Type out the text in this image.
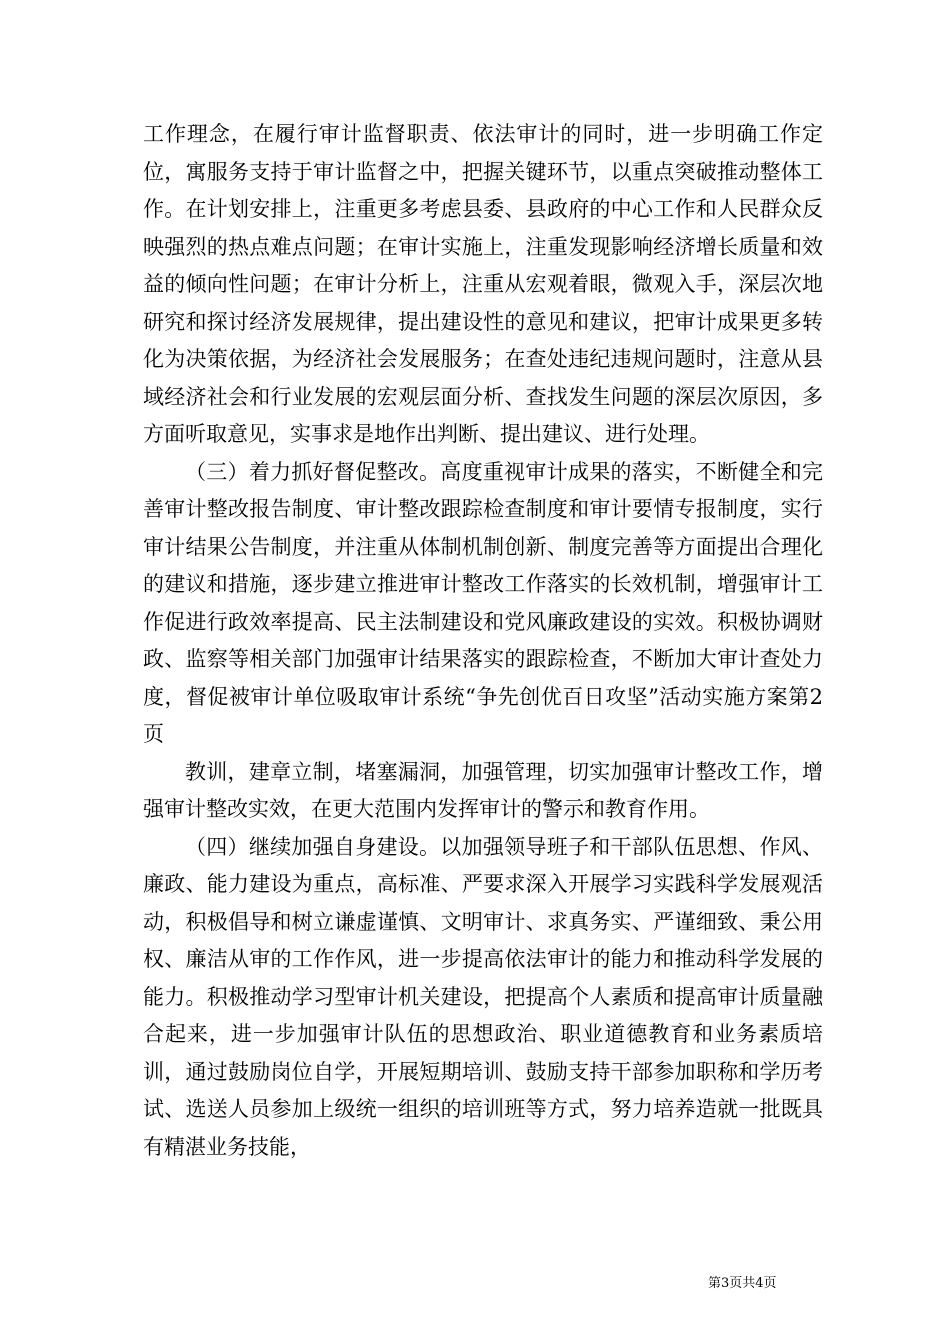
工作理念，在履行审计监督职责、依法审计的同时，进一步明确工作定位，寓服务支持于审计监督之中，把握关键环节，以重点突破推动整体工作。在计划安排上，注重更多考虑县委、县政府的中心工作和人民群众反映强烈的热点难点问题；在审计实施上，注重发现影响经济增长质量和效益的倾向性问题；在审计分析上，注重从宏观着眼，微观入手，深层次地研究和探讨经济发展规律，提出建设性的意见和建议，把审计成果更多转化为决策依据，为经济社会发展服务；在查处违纪违规问题时，注意从县域经济社会和行业发展的宏观层面分析、查找发生问题的深层次原因，多方面听取意见，实事求是地作出判断、提出建议、进行处理。

（三）着力抓好督促整改。高度重视审计成果的落实，不断健全和完善审计整改报告制度、审计整改跟踪检查制度和审计要情专报制度，实行审计结果公告制度，并注重从体制机制创新、制度完善等方面提出合理化的建议和措施，逐步建立推进审计整改工作落实的长效机制，增强审计工作促进行政效率提高、民主法制建设和党风廉政建设的实效。积极协调财政、监察等相关部门加强审计结果落实的跟踪检查，不断加大审计查处力度，督促被审计单位吸取审计系统“争先创优百日攻坚”活动实施方案第2页

教训，建章立制，堵塞漏洞，加强管理，切实加强审计整改工作，增强审计整改实效，在更大范围内发挥审计的警示和教育作用。

（四）继续加强自身建设。以加强领导班子和干部队伍思想、作风、廉政、能力建设为重点，高标准、严要求深入开展学习实践科学发展观活动，积极倡导和树立谦虚谨慎、文明审计、求真务实、严谨细致、秉公用权、廉洁从审的工作作风，进一步提高依法审计的能力和推动科学发展的能力。积极推动学习型审计机关建设，把提高个人素质和提高审计质量融合起来，进一步加强审计队伍的思想政治、职业道德教育和业务素质培训，通过鼓励岗位自学，开展短期培训、鼓励支持干部参加职称和学历考试、选送人员参加上级统一组织的培训班等方式，努力培养造就一批既具有精湛业务技能，

第3页共4页
